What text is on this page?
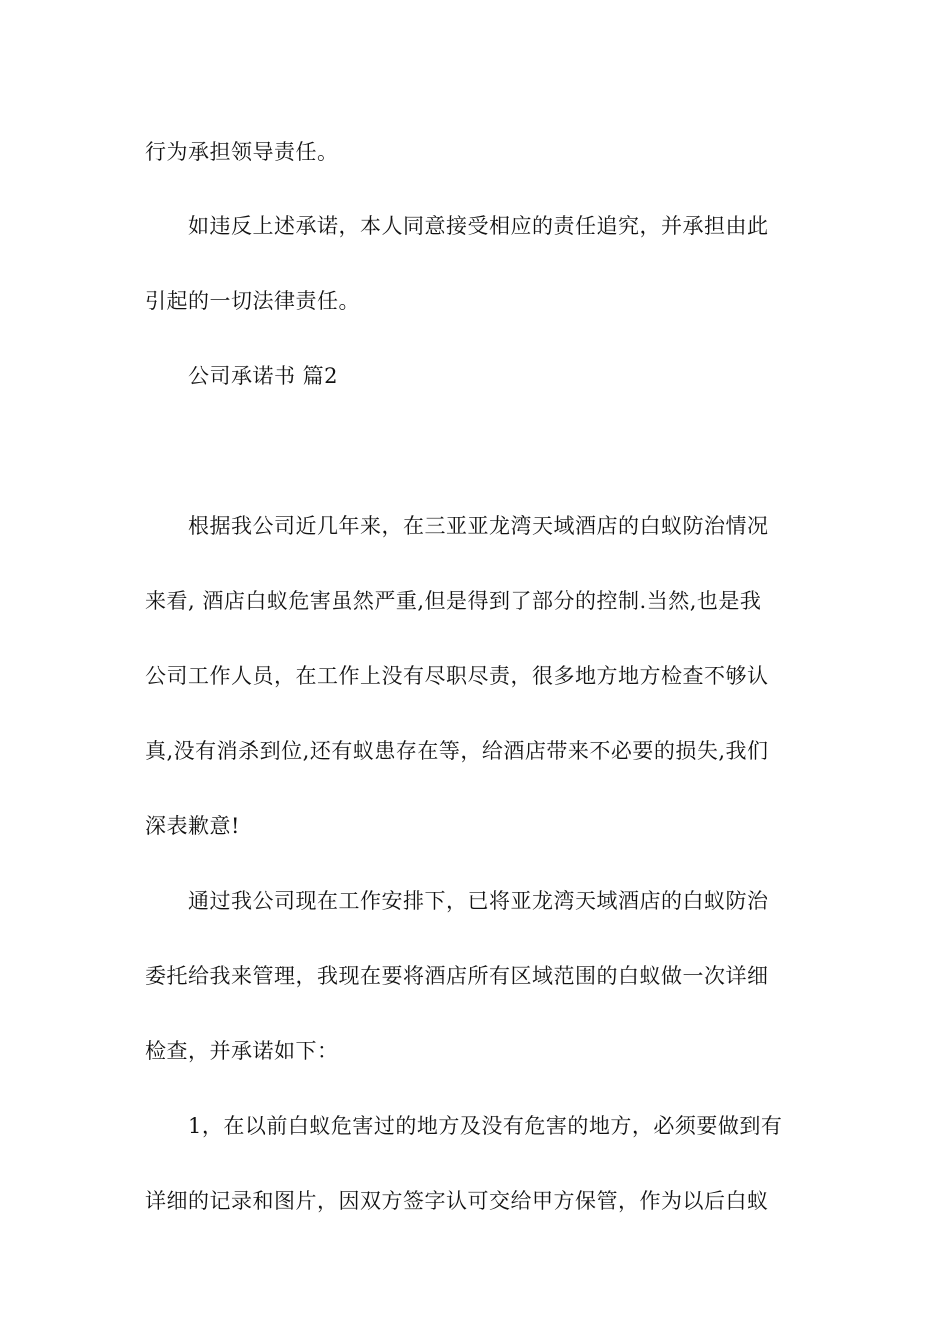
行为承担领导责任。
如违反上述承诺，本人同意接受相应的责任追究，并承担由此
引起的一切法律责任。
公司承诺书 篇2
根据我公司近几年来，在三亚亚龙湾天域酒店的白蚁防治情况
来看, 酒店白蚁危害虽然严重,但是得到了部分的控制.当然,也是我
公司工作人员，在工作上没有尽职尽责，很多地方地方检查不够认
真,没有消杀到位,还有蚁患存在等，给酒店带来不必要的损失,我们
深表歉意!
通过我公司现在工作安排下，已将亚龙湾天域酒店的白蚁防治
委托给我来管理，我现在要将酒店所有区域范围的白蚁做一次详细
检查，并承诺如下：
1，在以前白蚁危害过的地方及没有危害的地方，必须要做到有
详细的记录和图片，因双方签字认可交给甲方保管，作为以后白蚁
